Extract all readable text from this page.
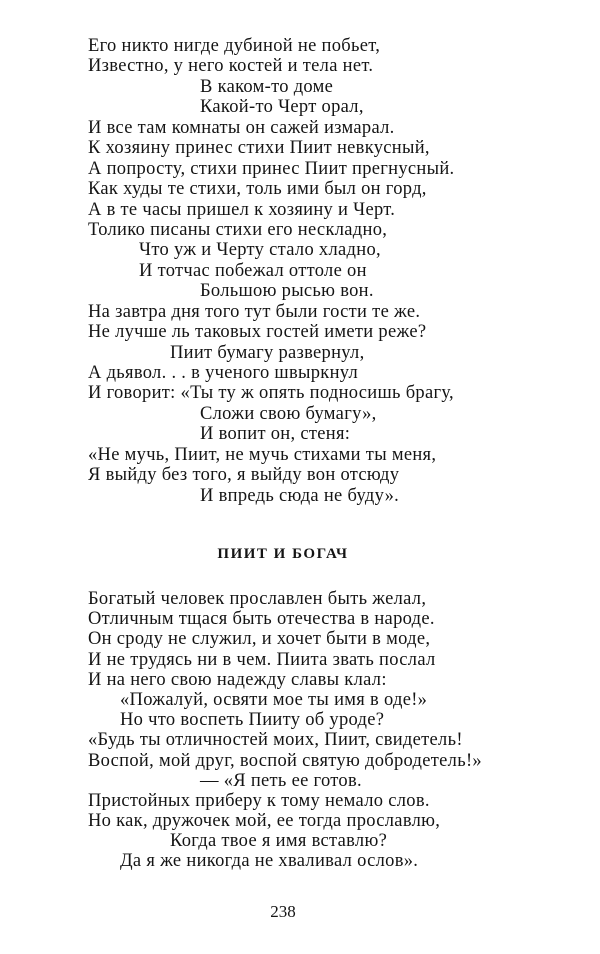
Его никто нигде дубиной не побьет,
Известно, у него костей и тела нет.
В каком-то доме
Какой-то Черт орал,
И все там комнаты он сажей измарал.
К хозяину принес стихи Пиит невкусный,
А попросту, стихи принес Пиит прегнусный.
Как худы те стихи, толь ими был он горд,
А в те часы пришел к хозяину и Черт.
Толико писаны стихи его нескладно,
Что уж и Черту стало хладно,
И тотчас побежал оттоле он
Большою рысью вон.
На завтра дня того тут были гости те же.
Не лучше ль таковых гостей имети реже?
Пиит бумагу развернул,
А дьявол. . . в ученого швыркнул
И говорит: «Ты ту ж опять подносишь брагу,
Сложи свою бумагу»,
И вопит он, стеня:
«Не мучь, Пиит, не мучь стихами ты меня,
Я выйду без того, я выйду вон отсюду
И впредь сюда не буду».
ПИИТ И БОГАЧ
Богатый человек прославлен быть желал,
Отличным тщася быть отечества в народе.
Он сроду не служил, и хочет быти в моде,
И не трудясь ни в чем. Пиита звать послал
И на него свою надежду славы клал:
«Пожалуй, освяти мое ты имя в оде!»
Но что воспеть Пииту об уроде?
«Будь ты отличностей моих, Пиит, свидетель!
Воспой, мой друг, воспой святую добродетель!»
— «Я петь ее готов.
Пристойных приберу к тому немало слов.
Но как, дружочек мой, ее тогда прославлю,
Когда твое я имя вставлю?
Да я же никогда не хваливал ослов».
238
